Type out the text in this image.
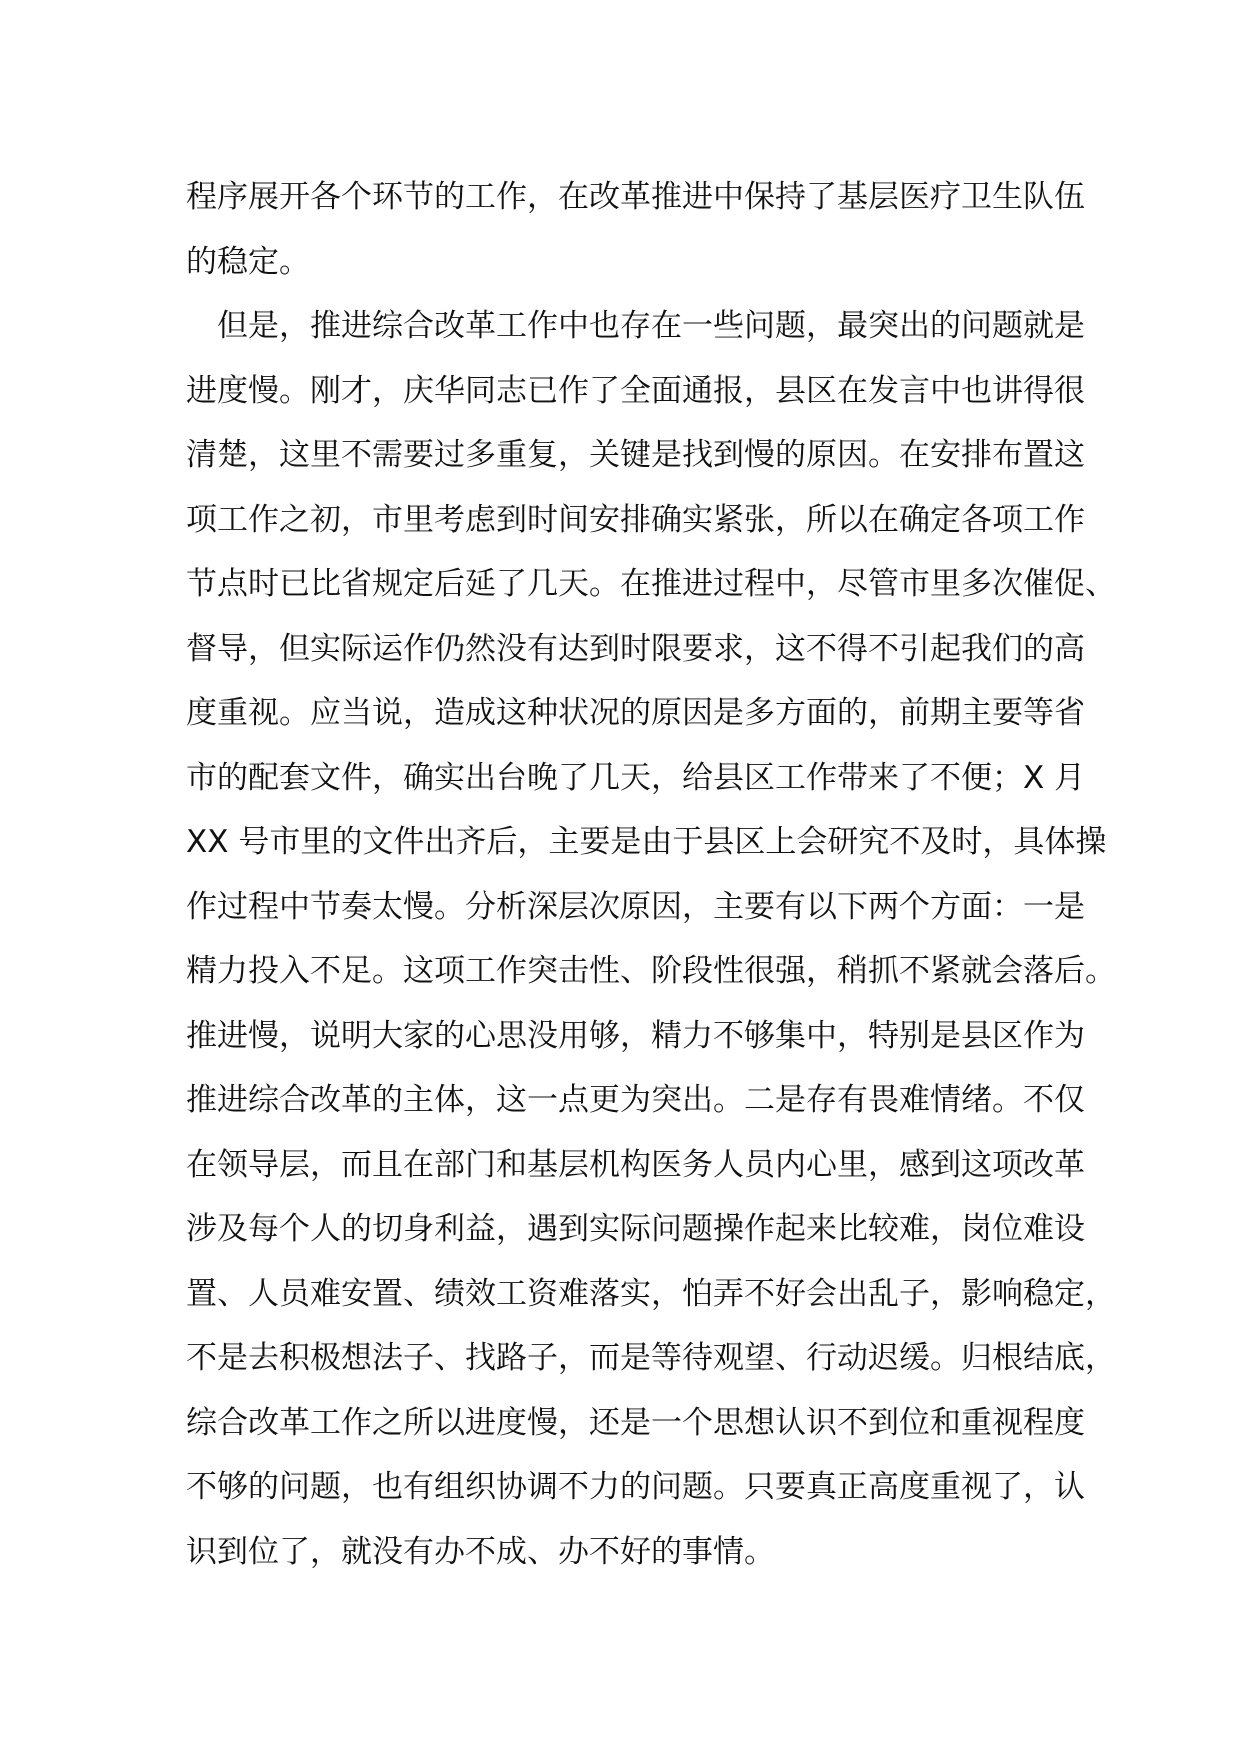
程序展开各个环节的工作，在改革推进中保持了基层医疗卫生队伍
的稳定。
　但是，推进综合改革工作中也存在一些问题，最突出的问题就是
进度慢。刚才，庆华同志已作了全面通报，县区在发言中也讲得很
清楚，这里不需要过多重复，关键是找到慢的原因。在安排布置这
项工作之初，市里考虑到时间安排确实紧张，所以在确定各项工作
节点时已比省规定后延了几天。在推进过程中，尽管市里多次催促、
督导，但实际运作仍然没有达到时限要求，这不得不引起我们的高
度重视。应当说，造成这种状况的原因是多方面的，前期主要等省
市的配套文件，确实出台晚了几天，给县区工作带来了不便；X 月
XX 号市里的文件出齐后，主要是由于县区上会研究不及时，具体操
作过程中节奏太慢。分析深层次原因，主要有以下两个方面：一是
精力投入不足。这项工作突击性、阶段性很强，稍抓不紧就会落后。
推进慢，说明大家的心思没用够，精力不够集中，特别是县区作为
推进综合改革的主体，这一点更为突出。二是存有畏难情绪。不仅
在领导层，而且在部门和基层机构医务人员内心里，感到这项改革
涉及每个人的切身利益，遇到实际问题操作起来比较难，岗位难设
置、人员难安置、绩效工资难落实，怕弄不好会出乱子，影响稳定，
不是去积极想法子、找路子，而是等待观望、行动迟缓。归根结底，
综合改革工作之所以进度慢，还是一个思想认识不到位和重视程度
不够的问题，也有组织协调不力的问题。只要真正高度重视了，认
识到位了，就没有办不成、办不好的事情。
